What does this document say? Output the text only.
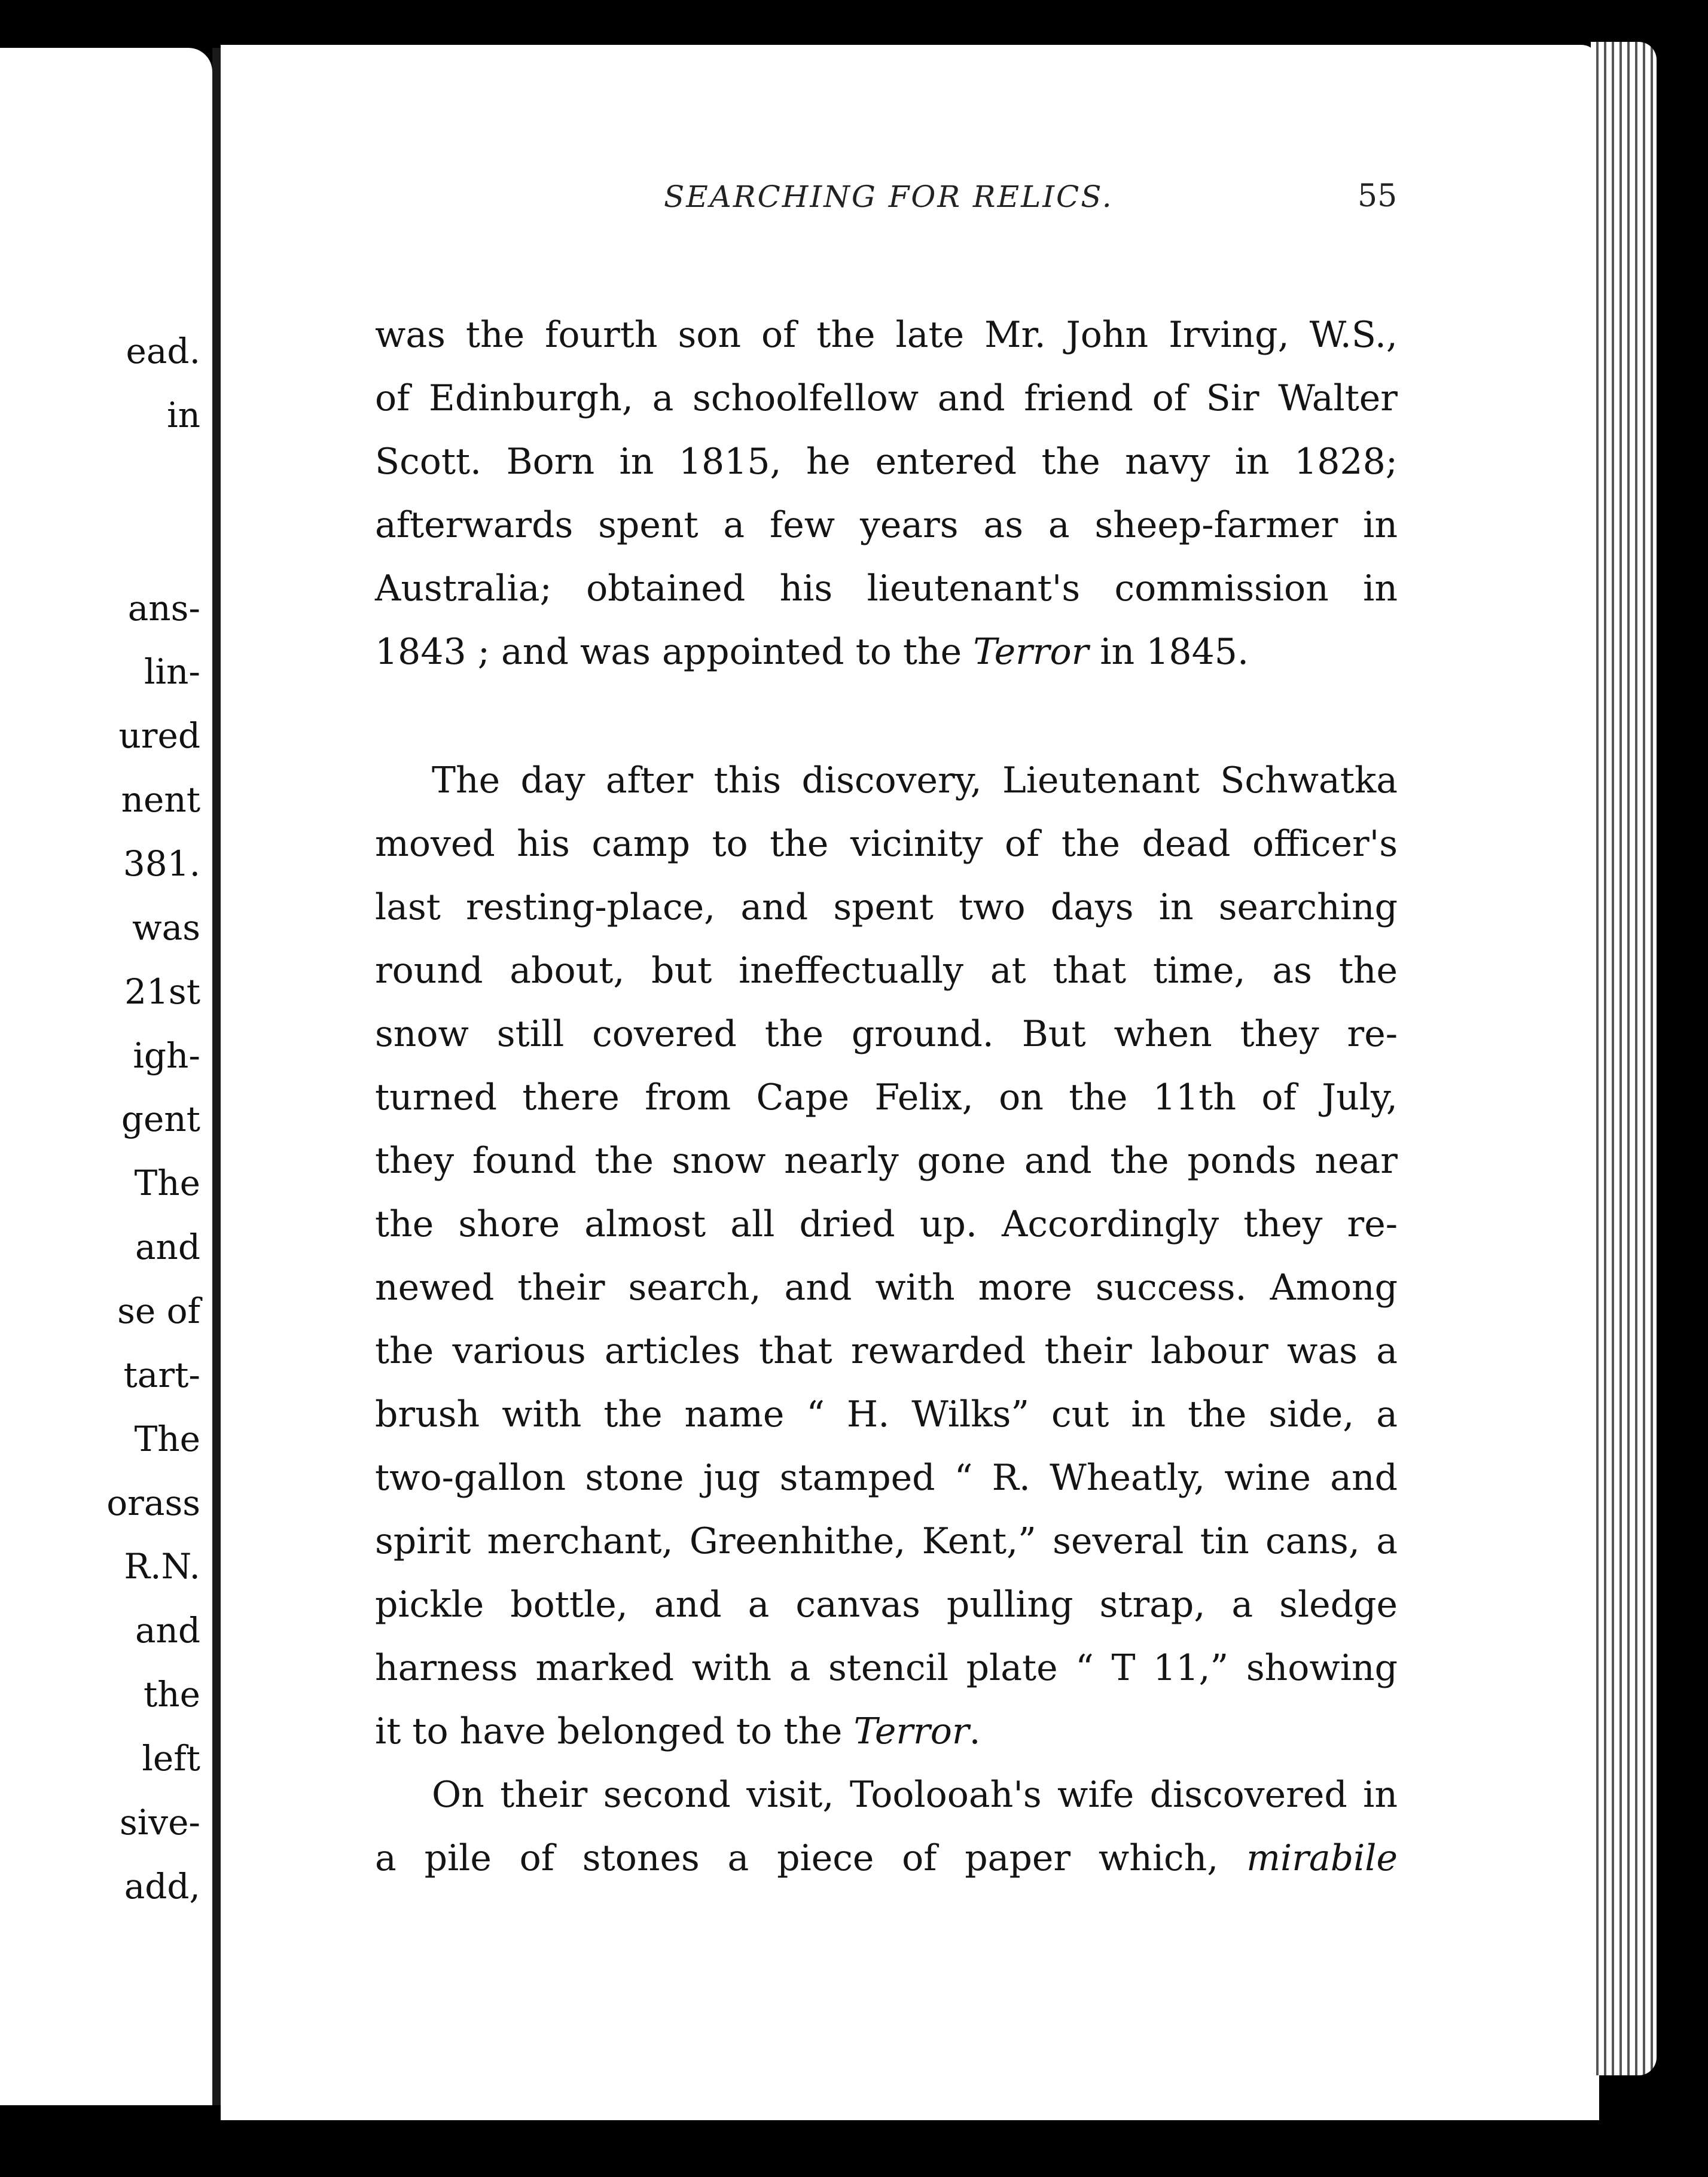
ead.
in
ans-
lin-
ured
nent
381.
was
21st
igh-
gent
The
and
se of
tart-
The
orass
R.N.
and
the
left
sive-
add,
SEARCHING FOR RELICS.	55
was the fourth son of the late Mr. John Irving, W.S.,
of Edinburgh, a schoolfellow and friend of Sir Walter
Scott. Born in 1815, he entered the navy in 1828;
afterwards spent a few years as a sheep-farmer in
Australia; obtained his lieutenant's commission in
1843 ; and was appointed to the Terror in 1845.
The day after this discovery, Lieutenant Schwatka
moved his camp to the vicinity of the dead officer's
last resting-place, and spent two days in searching
round about, but ineffectually at that time, as the
snow still covered the ground. But when they re-
turned there from Cape Felix, on the 11th of July,
they found the snow nearly gone and the ponds near
the shore almost all dried up. Accordingly they re-
newed their search, and with more success. Among
the various articles that rewarded their labour was a
brush with the name “ H. Wilks” cut in the side, a
two-gallon stone jug stamped “ R. Wheatly, wine and
spirit merchant, Greenhithe, Kent,” several tin cans, a
pickle bottle, and a canvas pulling strap, a sledge
harness marked with a stencil plate “ T 11,” showing
it to have belonged to the Terror.
On their second visit, Toolooah's wife discovered in
a pile of stones a piece of paper which, mirabile
